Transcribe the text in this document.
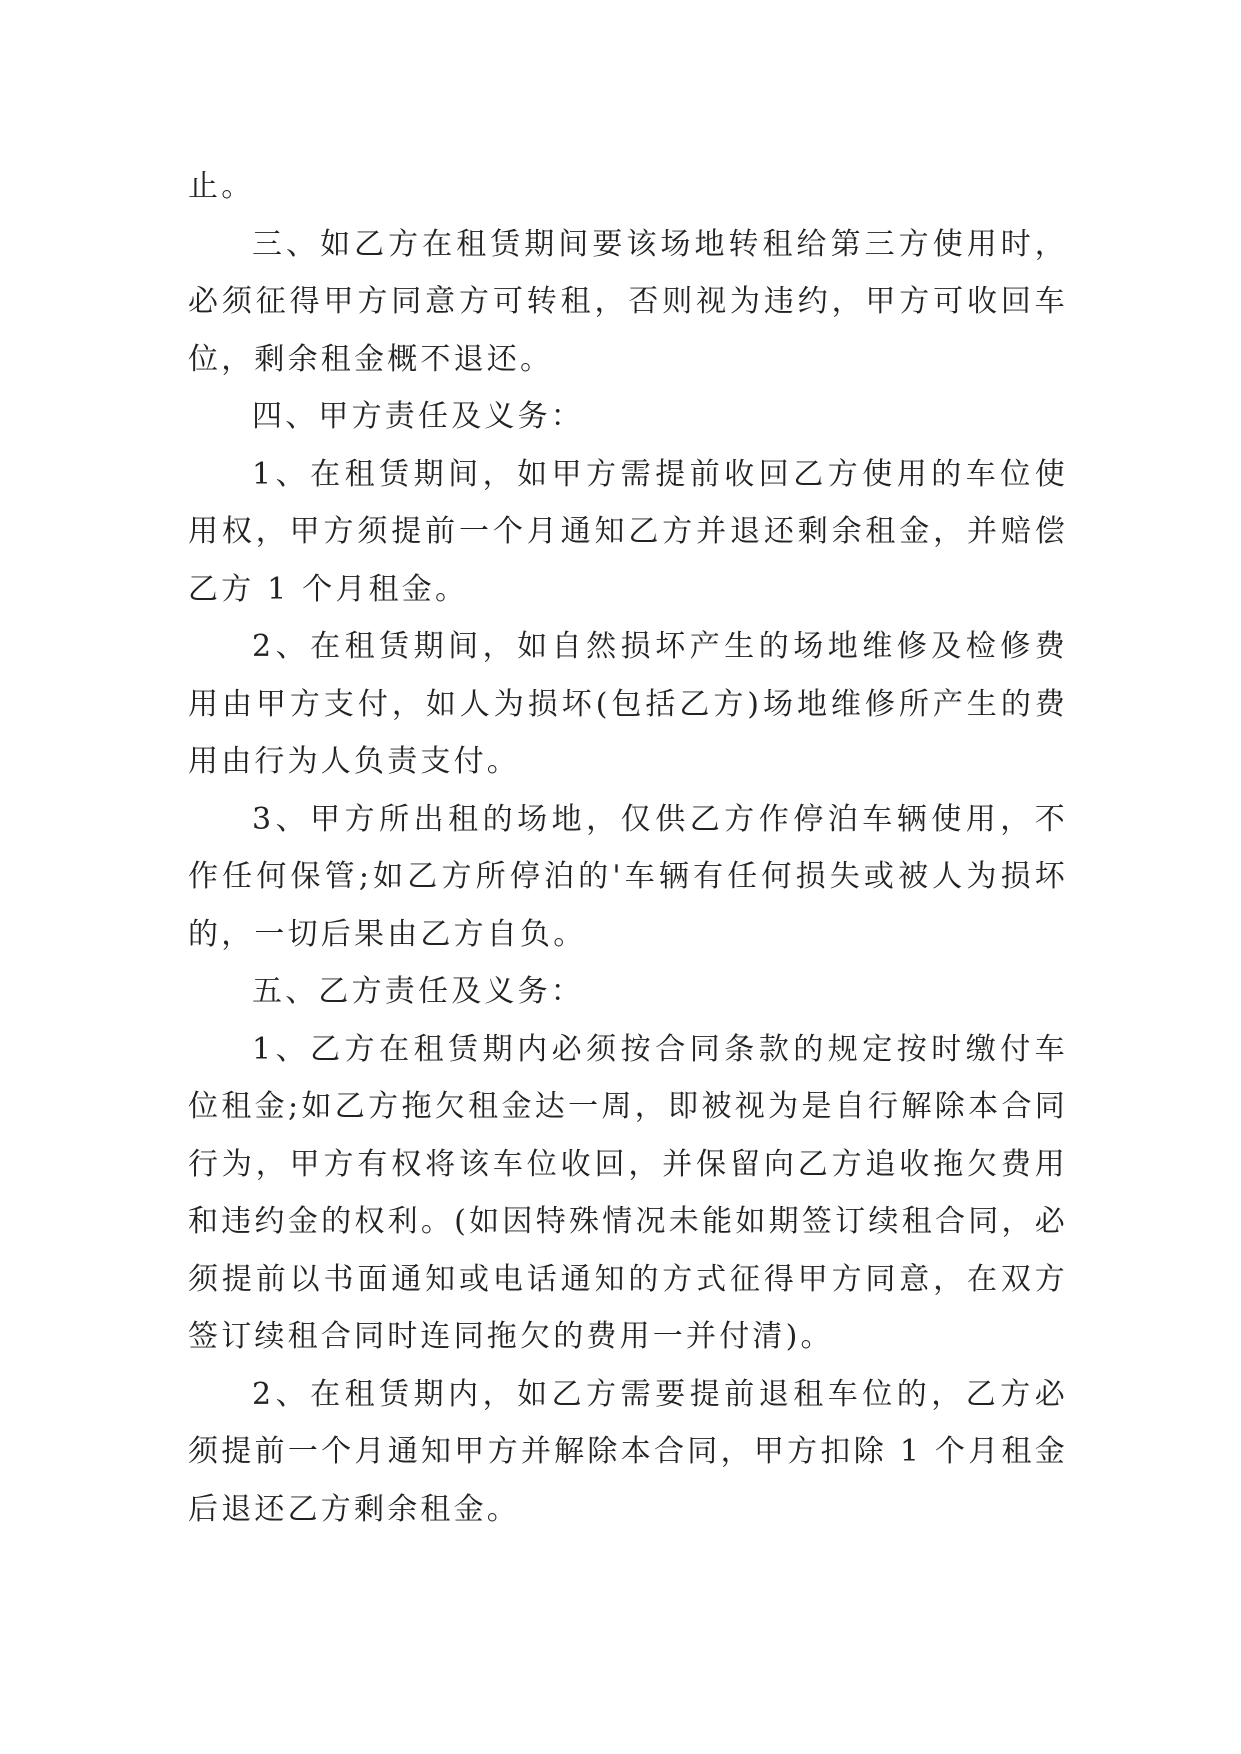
止。

三、如乙方在租赁期间要该场地转租给第三方使用时，必须征得甲方同意方可转租，否则视为违约，甲方可收回车位，剩余租金概不退还。

四、甲方责任及义务：

1、在租赁期间，如甲方需提前收回乙方使用的车位使用权，甲方须提前一个月通知乙方并退还剩余租金，并赔偿乙方 1 个月租金。

2、在租赁期间，如自然损坏产生的场地维修及检修费用由甲方支付，如人为损坏(包括乙方)场地维修所产生的费用由行为人负责支付。

3、甲方所出租的场地，仅供乙方作停泊车辆使用，不作任何保管;如乙方所停泊的'车辆有任何损失或被人为损坏的，一切后果由乙方自负。

五、乙方责任及义务：

1、乙方在租赁期内必须按合同条款的规定按时缴付车位租金;如乙方拖欠租金达一周，即被视为是自行解除本合同行为，甲方有权将该车位收回，并保留向乙方追收拖欠费用和违约金的权利。(如因特殊情况未能如期签订续租合同，必须提前以书面通知或电话通知的方式征得甲方同意，在双方签订续租合同时连同拖欠的费用一并付清)。

2、在租赁期内，如乙方需要提前退租车位的，乙方必须提前一个月通知甲方并解除本合同，甲方扣除 1 个月租金后退还乙方剩余租金。
